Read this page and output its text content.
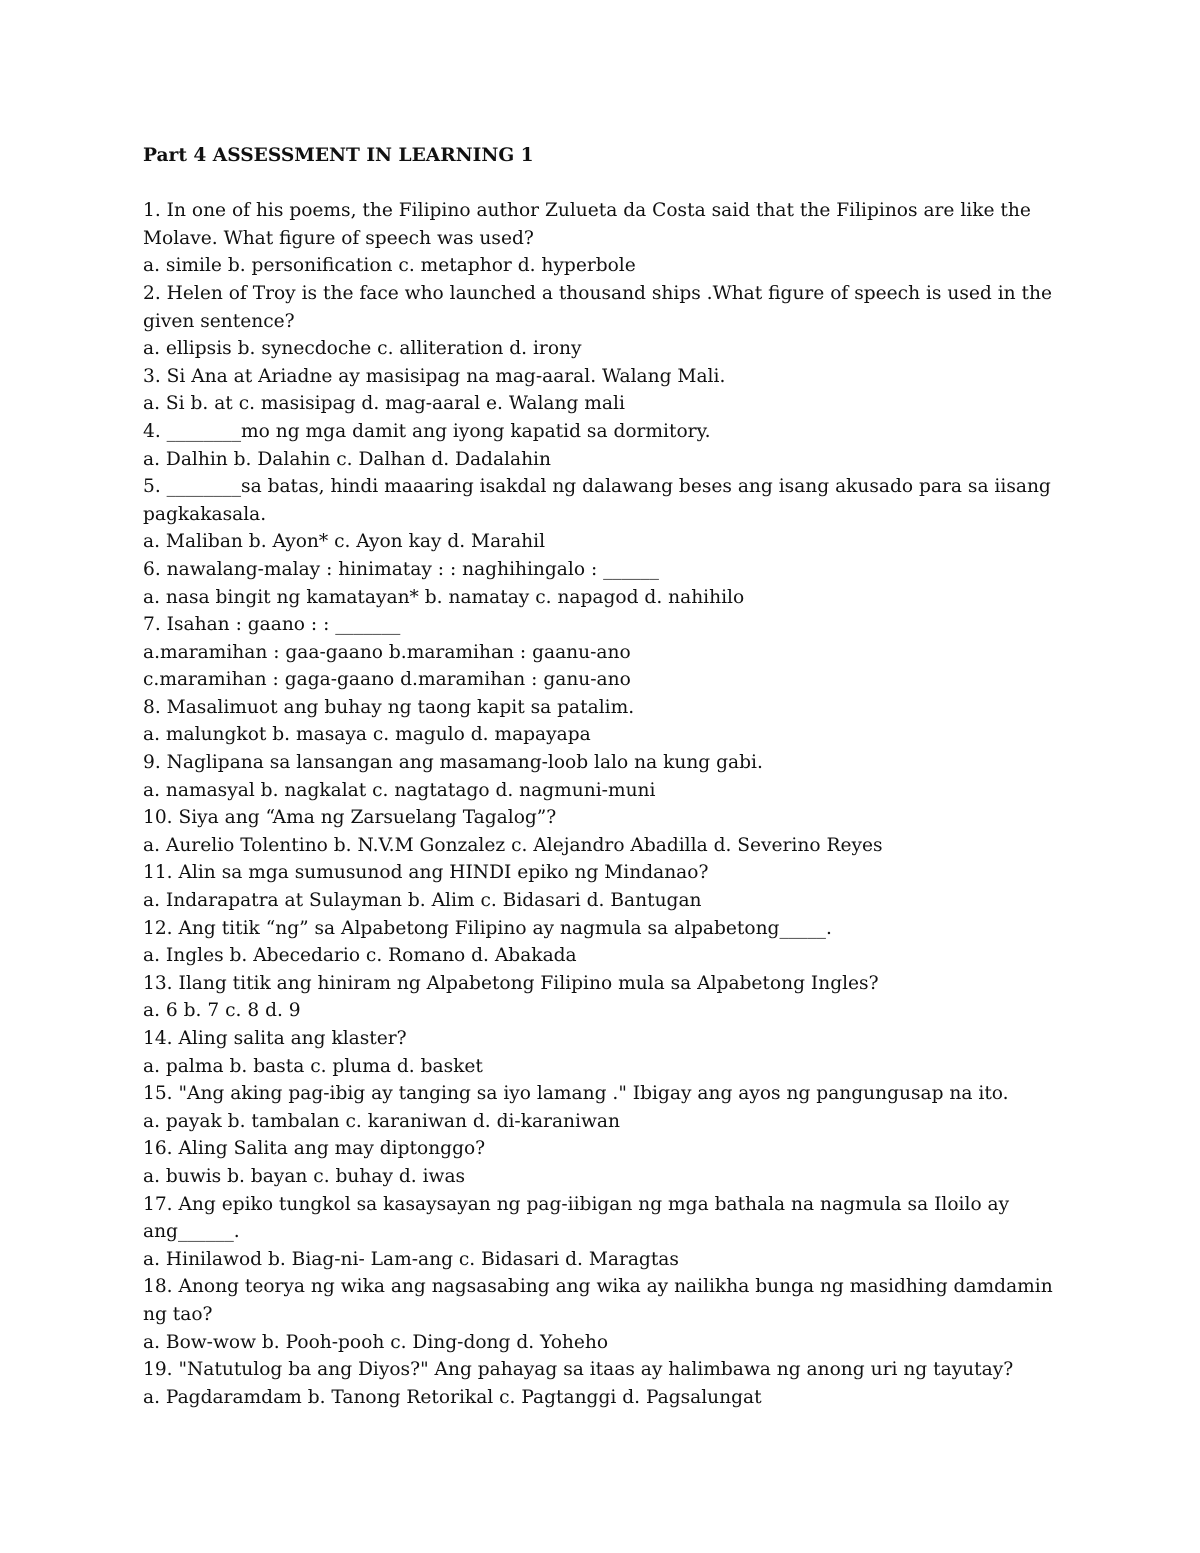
Part 4 ASSESSMENT IN LEARNING 1

1. In one of his poems, the Filipino author Zulueta da Costa said that the Filipinos are like the Molave. What figure of speech was used?

a. simile b. personification c. metaphor d. hyperbole

2. Helen of Troy is the face who launched a thousand ships .What figure of speech is used in the given sentence?

a. ellipsis b. synecdoche c. alliteration d. irony

3. Si Ana at Ariadne ay masisipag na mag-aaral. Walang Mali.

a. Si b. at c. masisipag d. mag-aaral e. Walang mali

4. ________mo ng mga damit ang iyong kapatid sa dormitory.

a. Dalhin b. Dalahin c. Dalhan d. Dadalahin

5. ________sa batas, hindi maaaring isakdal ng dalawang beses ang isang akusado para sa iisang pagkakasala.

a. Maliban b. Ayon* c. Ayon kay d. Marahil

6. nawalang-malay : hinimatay : : naghihingalo : ______

a. nasa bingit ng kamatayan* b. namatay c. napagod d. nahihilo

7. Isahan : gaano : : _______

a.maramihan : gaa-gaano b.maramihan : gaanu-ano

c.maramihan : gaga-gaano d.maramihan : ganu-ano

8. Masalimuot ang buhay ng taong kapit sa patalim.

a. malungkot b. masaya c. magulo d. mapayapa

9. Naglipana sa lansangan ang masamang-loob lalo na kung gabi.

a. namasyal b. nagkalat c. nagtatago d. nagmuni-muni

10. Siya ang “Ama ng Zarsuelang Tagalog”?

a. Aurelio Tolentino b. N.V.M Gonzalez c. Alejandro Abadilla d. Severino Reyes

11. Alin sa mga sumusunod ang HINDI epiko ng Mindanao?

a. Indarapatra at Sulayman b. Alim c. Bidasari d. Bantugan

12. Ang titik “ng” sa Alpabetong Filipino ay nagmula sa alpabetong_____.

a. Ingles b. Abecedario c. Romano d. Abakada

13. Ilang titik ang hiniram ng Alpabetong Filipino mula sa Alpabetong Ingles?

a. 6 b. 7 c. 8 d. 9

14. Aling salita ang klaster?

a. palma b. basta c. pluma d. basket

15. "Ang aking pag-ibig ay tanging sa iyo lamang ." Ibigay ang ayos ng pangungusap na ito.

a. payak b. tambalan c. karaniwan d. di-karaniwan

16. Aling Salita ang may diptonggo?

a. buwis b. bayan c. buhay d. iwas

17. Ang epiko tungkol sa kasaysayan ng pag-iibigan ng mga bathala na nagmula sa Iloilo ay ang______.

a. Hinilawod b. Biag-ni- Lam-ang c. Bidasari d. Maragtas

18. Anong teorya ng wika ang nagsasabing ang wika ay nailikha bunga ng masidhing damdamin ng tao?

a. Bow-wow b. Pooh-pooh c. Ding-dong d. Yoheho

19. "Natutulog ba ang Diyos?" Ang pahayag sa itaas ay halimbawa ng anong uri ng tayutay?

a. Pagdaramdam b. Tanong Retorikal c. Pagtanggi d. Pagsalungat
